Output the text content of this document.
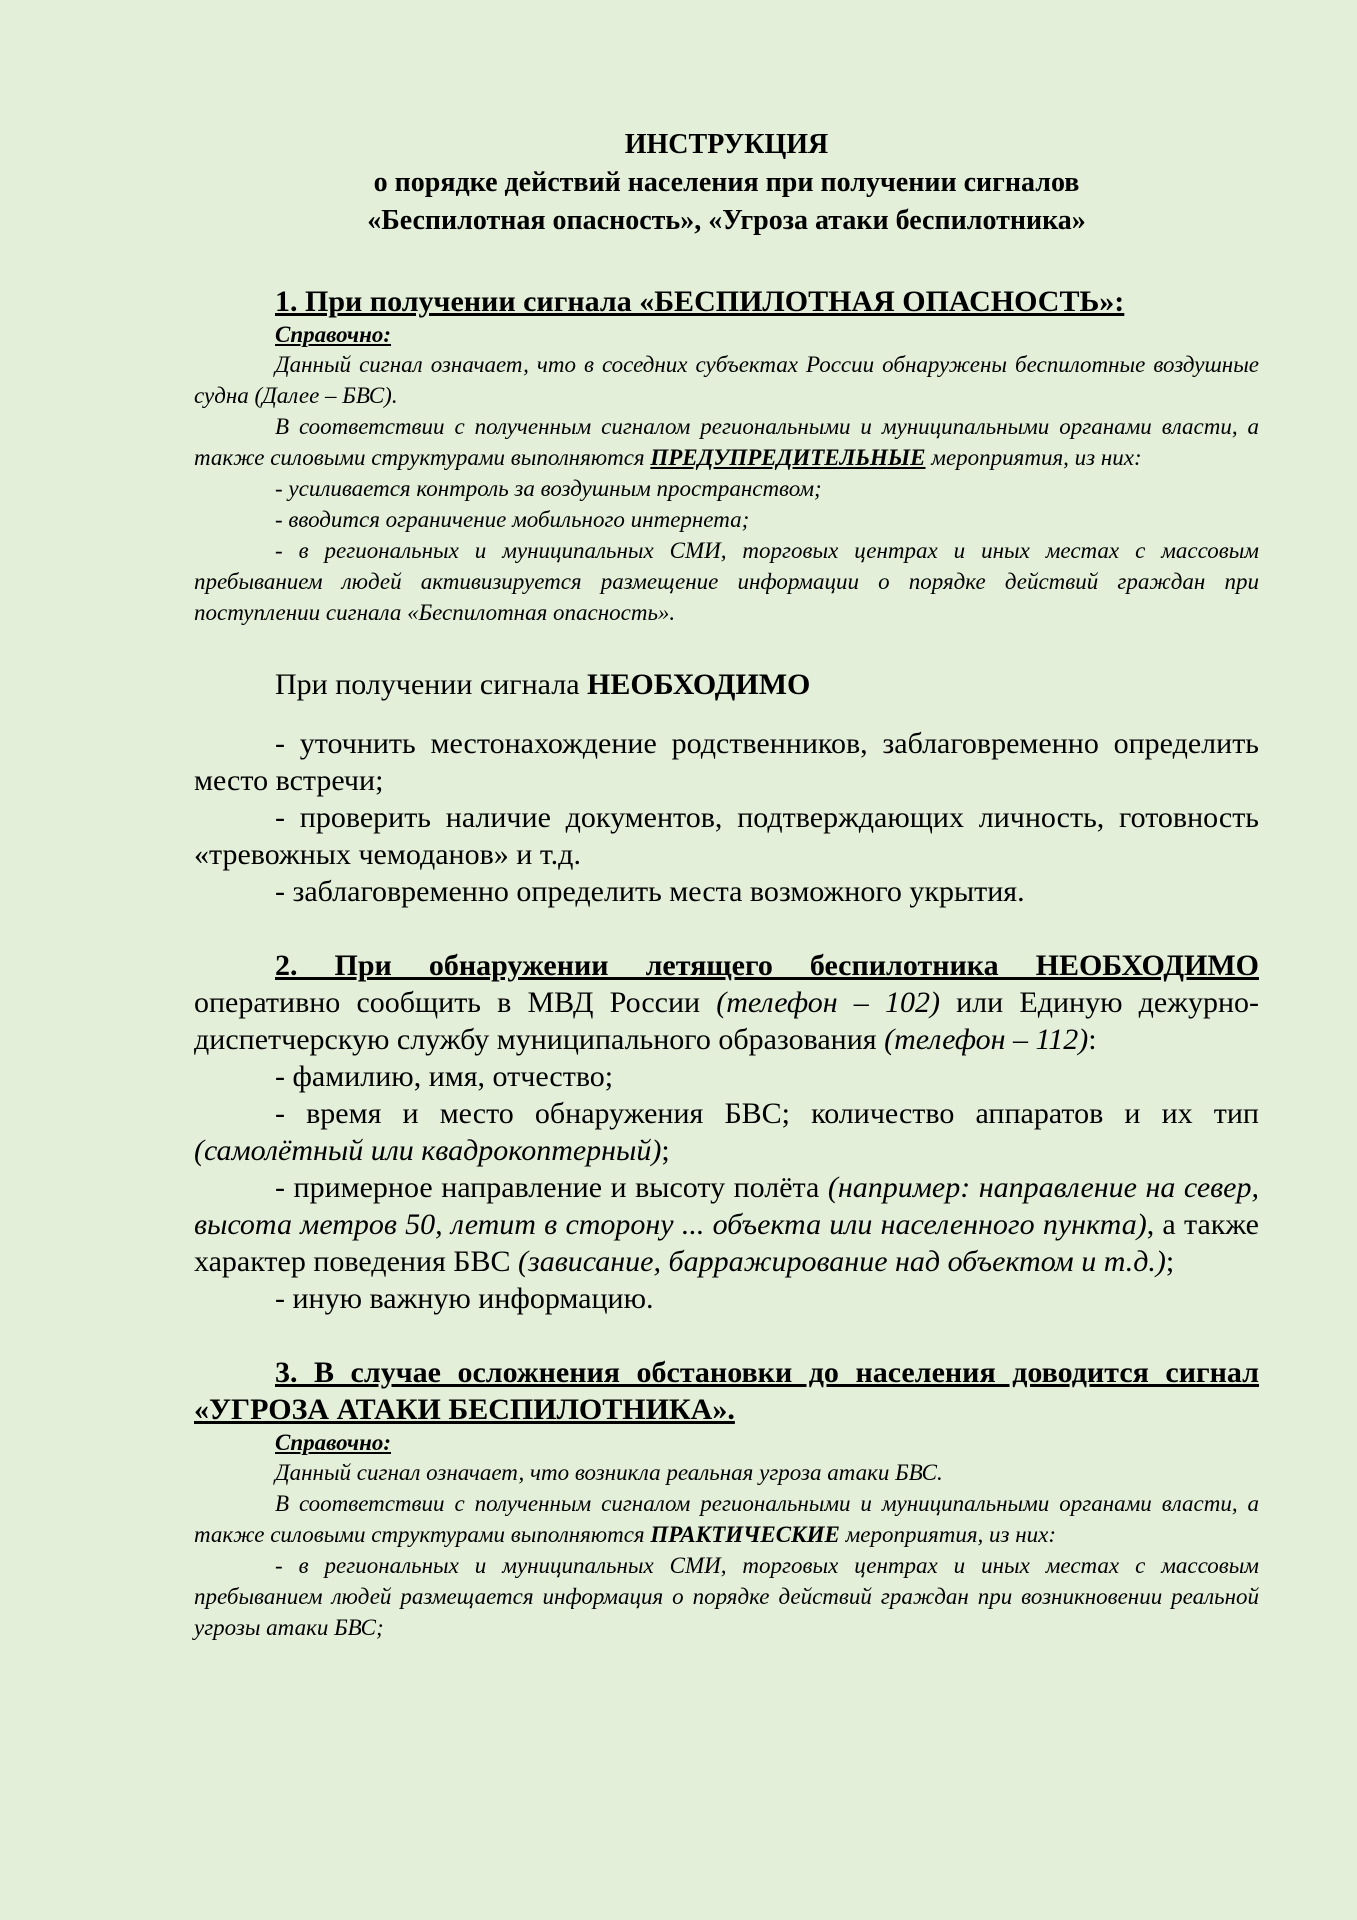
ИНСТРУКЦИЯ
о порядке действий населения при получении сигналов
«Беспилотная опасность», «Угроза атаки беспилотника»

1. При получении сигнала «БЕСПИЛОТНАЯ ОПАСНОСТЬ»:

Справочно:

Данный сигнал означает, что в соседних субъектах России обнаружены беспилотные воздушные судна (Далее – БВС).

В соответствии с полученным сигналом региональными и муниципальными органами власти, а также силовыми структурами выполняются ПРЕДУПРЕДИТЕЛЬНЫЕ мероприятия, из них:

- усиливается контроль за воздушным пространством;

- вводится ограничение мобильного интернета;

- в региональных и муниципальных СМИ, торговых центрах и иных местах с массовым пребыванием людей активизируется размещение информации о порядке действий граждан при поступлении сигнала «Беспилотная опасность».

При получении сигнала НЕОБХОДИМО

- уточнить местонахождение родственников, заблаговременно определить место встречи;

- проверить наличие документов, подтверждающих личность, готовность «тревожных чемоданов» и т.д.

- заблаговременно определить места возможного укрытия.

2. При обнаружении летящего беспилотника НЕОБХОДИМО оперативно сообщить в МВД России (телефон – 102) или Единую дежурно-диспетчерскую службу муниципального образования (телефон – 112):

- фамилию, имя, отчество;

- время и место обнаружения БВС; количество аппаратов и их тип (самолётный или квадрокоптерный);

- примерное направление и высоту полёта (например: направление на север, высота метров 50, летит в сторону ... объекта или населенного пункта), а также характер поведения БВС (зависание, барражирование над объектом и т.д.);

- иную важную информацию.

3. В случае осложнения обстановки до населения доводится сигнал «УГРОЗА АТАКИ БЕСПИЛОТНИКА».

Справочно:

Данный сигнал означает, что возникла реальная угроза атаки БВС.

В соответствии с полученным сигналом региональными и муниципальными органами власти, а также силовыми структурами выполняются ПРАКТИЧЕСКИЕ мероприятия, из них:

- в региональных и муниципальных СМИ, торговых центрах и иных местах с массовым пребыванием людей размещается информация о порядке действий граждан при возникновении реальной угрозы атаки БВС;
